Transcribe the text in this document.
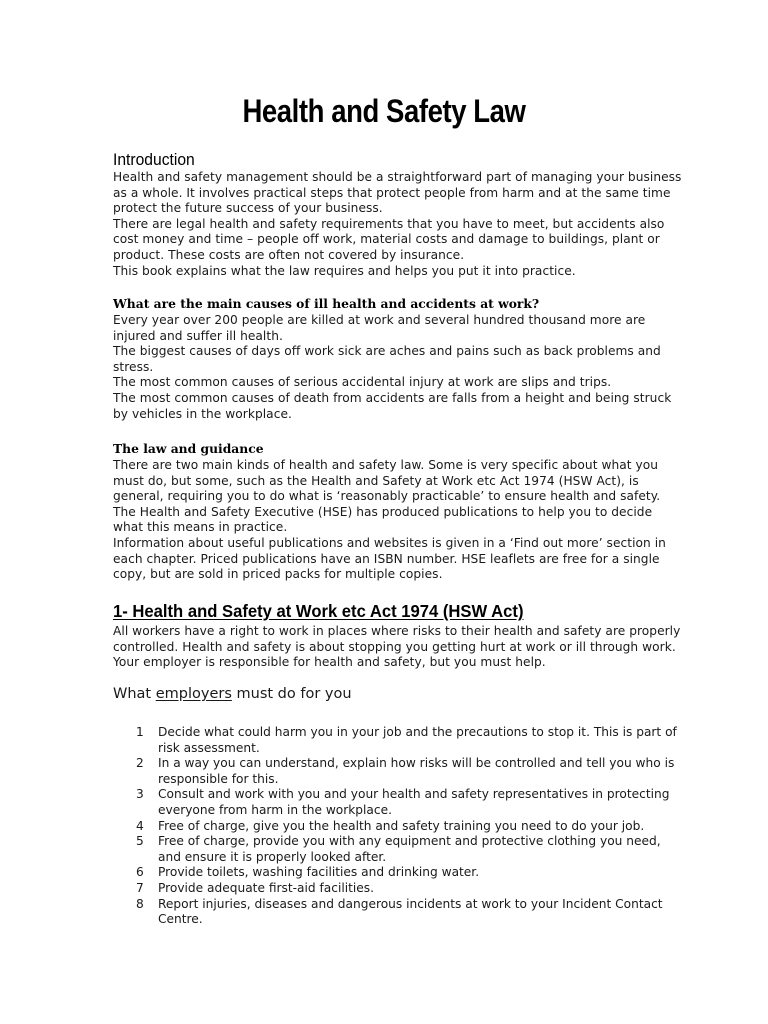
Health and Safety Law
Introduction
Health and safety management should be a straightforward part of managing your business
as a whole. It involves practical steps that protect people from harm and at the same time
protect the future success of your business.
There are legal health and safety requirements that you have to meet, but accidents also
cost money and time – people off work, material costs and damage to buildings, plant or
product. These costs are often not covered by insurance.
This book explains what the law requires and helps you put it into practice.
What are the main causes of ill health and accidents at work?
Every year over 200 people are killed at work and several hundred thousand more are
injured and suffer ill health.
The biggest causes of days off work sick are aches and pains such as back problems and
stress.
The most common causes of serious accidental injury at work are slips and trips.
The most common causes of death from accidents are falls from a height and being struck
by vehicles in the workplace.
The law and guidance
There are two main kinds of health and safety law. Some is very specific about what you
must do, but some, such as the Health and Safety at Work etc Act 1974 (HSW Act), is
general, requiring you to do what is ‘reasonably practicable’ to ensure health and safety.
The Health and Safety Executive (HSE) has produced publications to help you to decide
what this means in practice.
Information about useful publications and websites is given in a ‘Find out more’ section in
each chapter. Priced publications have an ISBN number. HSE leaflets are free for a single
copy, but are sold in priced packs for multiple copies.
1- Health and Safety at Work etc Act 1974 (HSW Act)
All workers have a right to work in places where risks to their health and safety are properly
controlled. Health and safety is about stopping you getting hurt at work or ill through work.
Your employer is responsible for health and safety, but you must help.
What employers must do for you
1	Decide what could harm you in your job and the precautions to stop it. This is part of
risk assessment.
2	In a way you can understand, explain how risks will be controlled and tell you who is
responsible for this.
3	Consult and work with you and your health and safety representatives in protecting
everyone from harm in the workplace.
4	Free of charge, give you the health and safety training you need to do your job.
5	Free of charge, provide you with any equipment and protective clothing you need,
and ensure it is properly looked after.
6	Provide toilets, washing facilities and drinking water.
7	Provide adequate first-aid facilities.
8	Report injuries, diseases and dangerous incidents at work to your Incident Contact
Centre.
